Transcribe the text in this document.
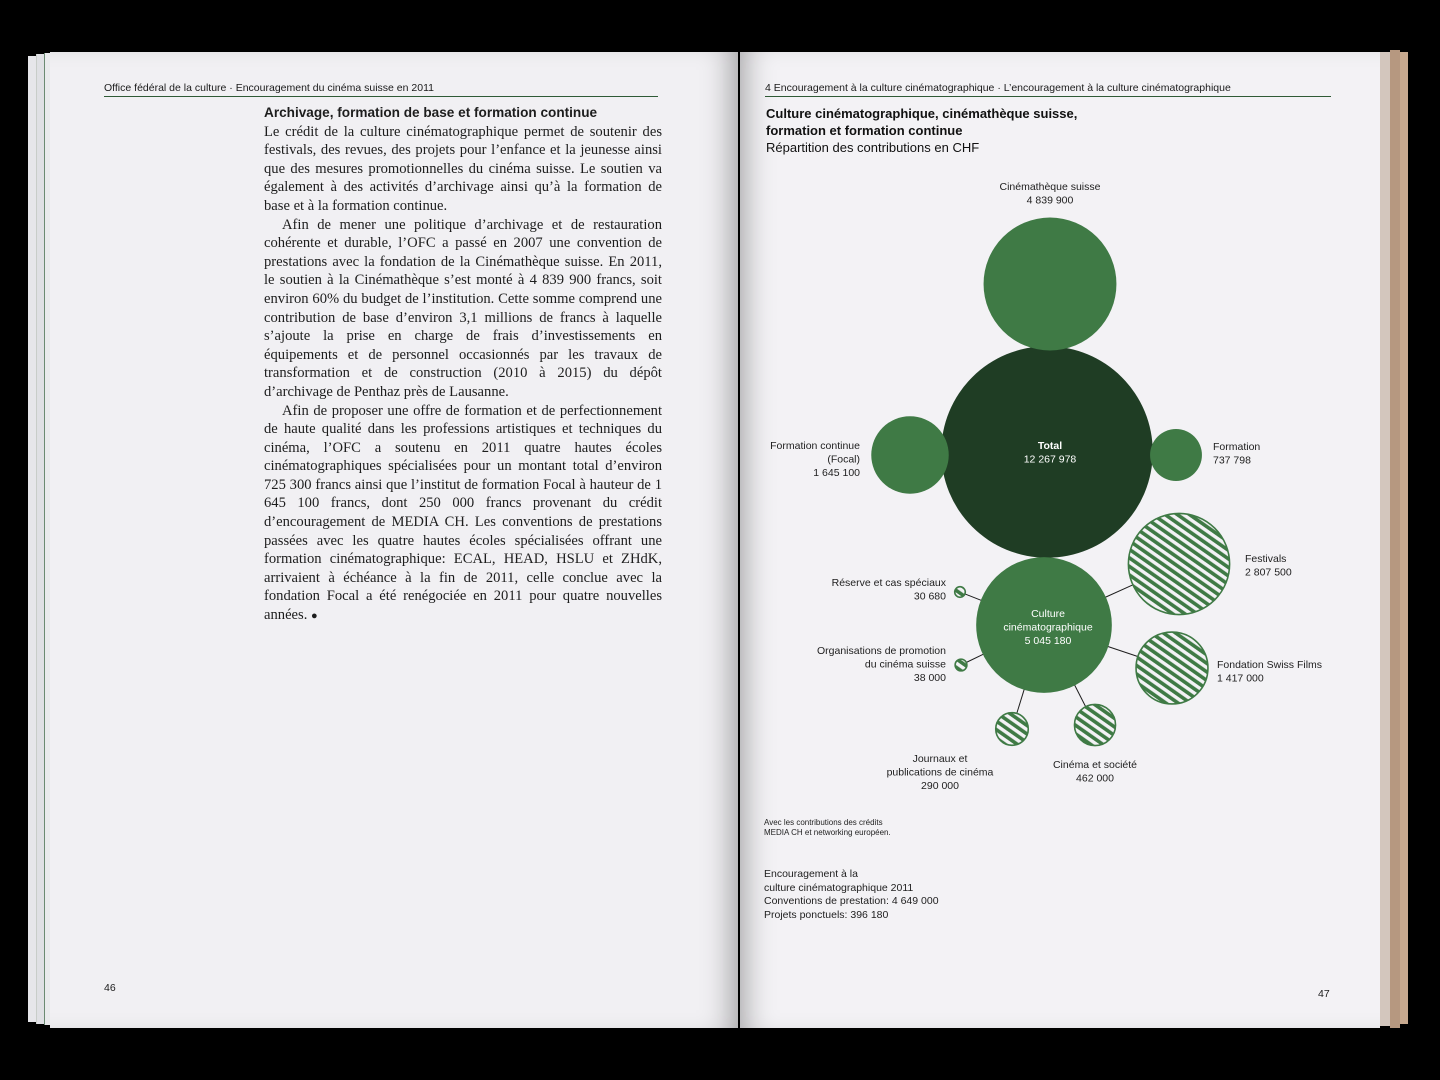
Office fédéral de la culture · Encouragement du cinéma suisse en 2011
Archivage, formation de base et formation continue

Le crédit de la culture cinématographique permet de soutenir des festivals, des revues, des projets pour l’enfance et la jeunesse ainsi que des mesures promotionnelles du cinéma suisse. Le soutien va également à des activités d’archivage ainsi qu’à la formation de base et à la formation continue.

Afin de mener une politique d’archivage et de restauration cohérente et durable, l’OFC a passé en 2007 une convention de prestations avec la fondation de la Cinémathèque suisse. En 2011, le soutien à la Cinémathèque s’est monté à 4 839 900 francs, soit environ 60% du budget de l’institution. Cette somme comprend une contribution de base d’environ 3,1 millions de francs à laquelle s’ajoute la prise en charge de frais d’investissements en équipements et de personnel occasionnés par les travaux de transformation et de construction (2010 à 2015) du dépôt d’archivage de Penthaz près de Lausanne.

Afin de proposer une offre de formation et de perfectionnement de haute qualité dans les professions artistiques et techniques du cinéma, l’OFC a soutenu en 2011 quatre hautes écoles cinématographiques spécialisées pour un montant total d’environ 725 300 francs ainsi que l’institut de formation Focal à hauteur de 1 645 100 francs, dont 250 000 francs provenant du crédit d’encouragement de MEDIA CH. Les conventions de prestations passées avec les quatre hautes écoles spécialisées offrant une formation cinématographique: ECAL, HEAD, HSLU et ZHdK, arrivaient à échéance à la fin de 2011, celle conclue avec la fondation Focal a été renégociée en 2011 pour quatre nouvelles années. ●

46
4 Encouragement à la culture cinématographique · L’encouragement à la culture cinématographique
Culture cinématographique, cinémathèque suisse, formation et formation continue
Répartition des contributions en CHF
Total
12 267 978
Cinémathèque suisse
4 839 900
Formation continue
(Focal)
1 645 100
Formation
737 798
Culture
cinématographique
5 045 180
Festivals
2 807 500
Fondation Swiss Films
1 417 000
Cinéma et société
462 000
Journaux et
publications de cinéma
290 000
Organisations de promotion
du cinéma suisse
38 000
Réserve et cas spéciaux
30 680
Avec les contributions des crédits
MEDIA CH et networking européen.
Encouragement à la
culture cinématographique 2011
Conventions de prestation: 4 649 000
Projets ponctuels: 396 180
47
